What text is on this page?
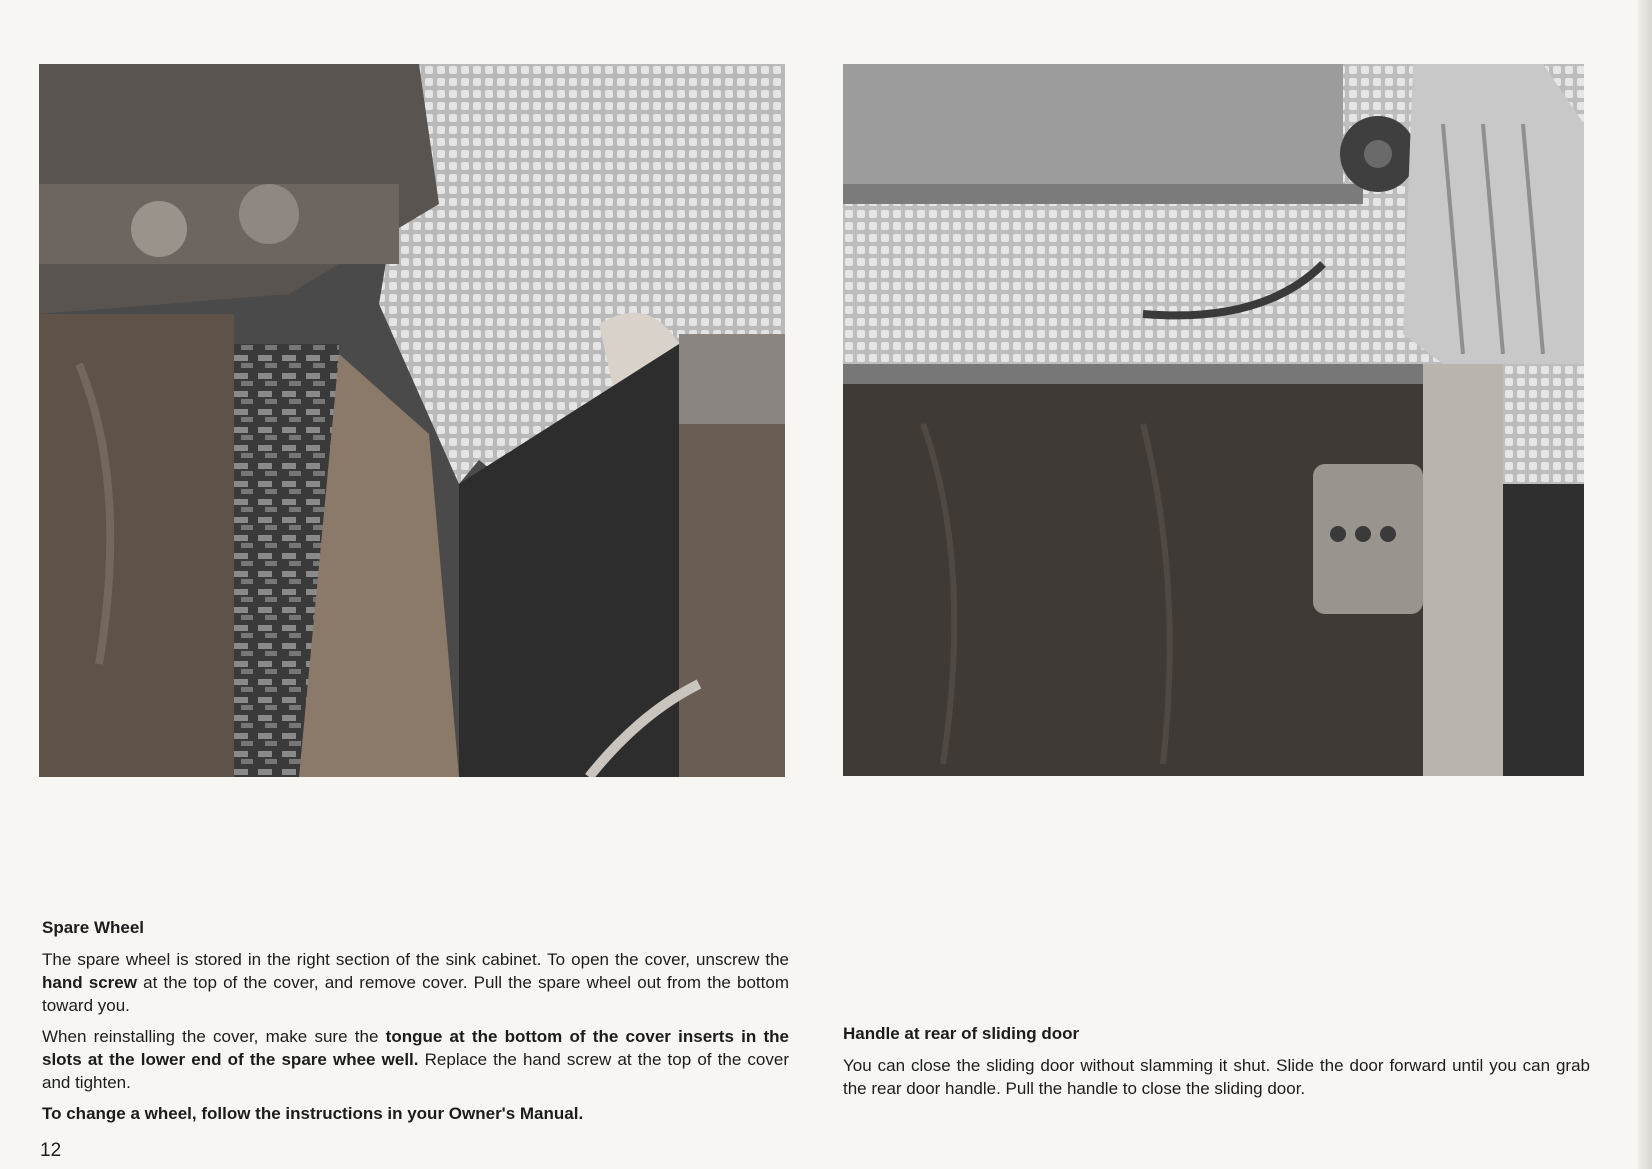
Spare Wheel

The spare wheel is stored in the right section of the sink cabinet. To open the cover, unscrew the hand screw at the top of the cover, and remove cover. Pull the spare wheel out from the bottom toward you.

When reinstalling the cover, make sure the tongue at the bottom of the cover inserts in the slots at the lower end of the spare whee well. Replace the hand screw at the top of the cover and tighten.

To change a wheel, follow the instructions in your Owner's Manual.

Handle at rear of sliding door

You can close the sliding door without slamming it shut. Slide the door forward until you can grab the rear door handle. Pull the handle to close the sliding door.

12
